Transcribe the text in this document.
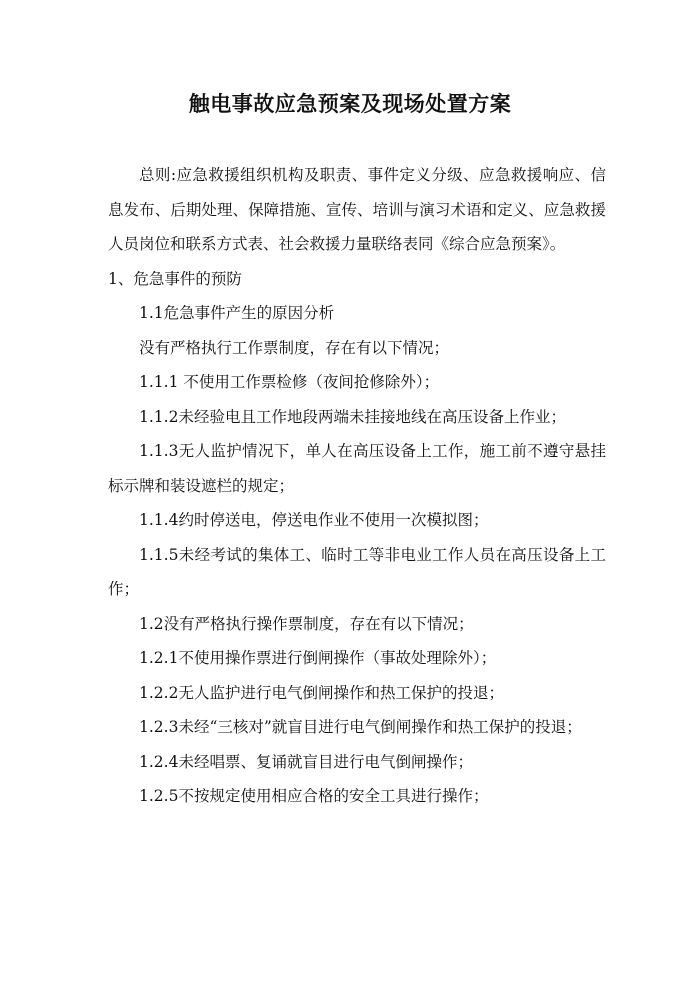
触电事故应急预案及现场处置方案

总则:应急救援组织机构及职责、事件定义分级、应急救援响应、信息发布、后期处理、保障措施、宣传、培训与演习术语和定义、应急救援人员岗位和联系方式表、社会救援力量联络表同《综合应急预案》。

1、危急事件的预防

1.1危急事件产生的原因分析

没有严格执行工作票制度，存在有以下情况；

1.1.1 不使用工作票检修（夜间抢修除外）；

1.1.2未经验电且工作地段两端未挂接地线在高压设备上作业；

1.1.3无人监护情况下，单人在高压设备上工作，施工前不遵守悬挂标示牌和装设遮栏的规定；

1.1.4约时停送电，停送电作业不使用一次模拟图；

1.1.5未经考试的集体工、临时工等非电业工作人员在高压设备上工作；

1.2没有严格执行操作票制度，存在有以下情况；

1.2.1不使用操作票进行倒闸操作（事故处理除外）；

1.2.2无人监护进行电气倒闸操作和热工保护的投退；

1.2.3未经“三核对”就盲目进行电气倒闸操作和热工保护的投退；

1.2.4未经唱票、复诵就盲目进行电气倒闸操作；

1.2.5不按规定使用相应合格的安全工具进行操作；
